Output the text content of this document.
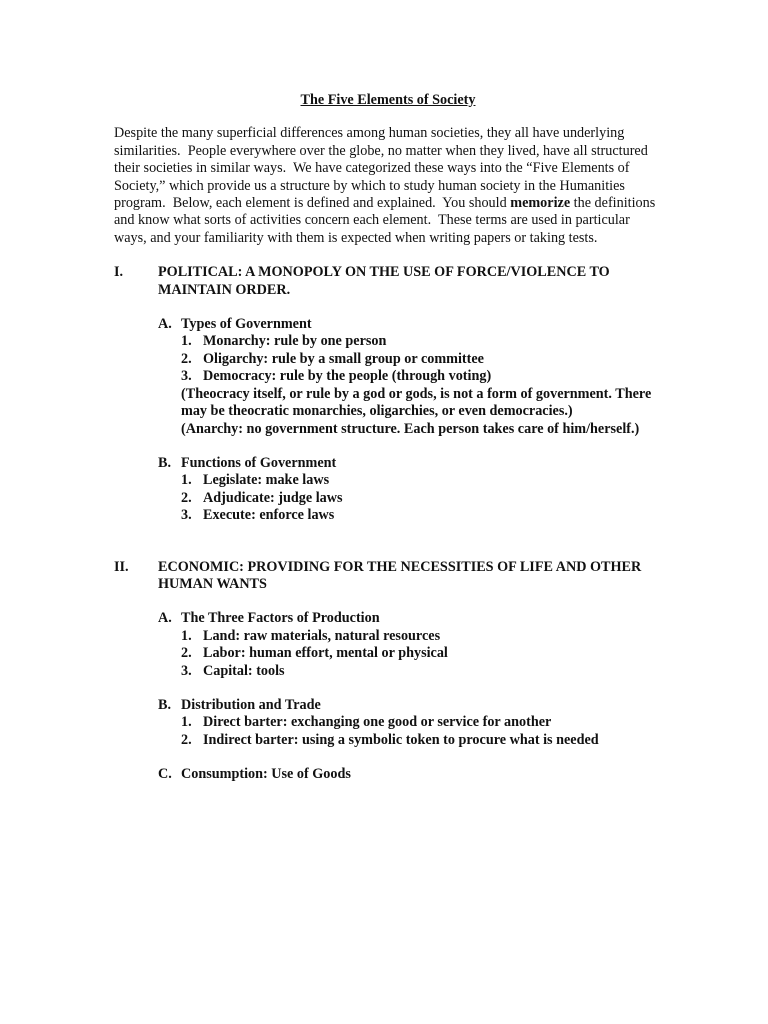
The Five Elements of Society

Despite the many superficial differences among human societies, they all have underlying similarities.  People everywhere over the globe, no matter when they lived, have all structured their societies in similar ways.  We have categorized these ways into the “Five Elements of Society,” which provide us a structure by which to study human society in the Humanities program.  Below, each element is defined and explained.  You should memorize the definitions and know what sorts of activities concern each element.  These terms are used in particular ways, and your familiarity with them is expected when writing papers or taking tests.

I. POLITICAL: A MONOPOLY ON THE USE OF FORCE/VIOLENCE TO MAINTAIN ORDER.
A. Types of Government
1. Monarchy: rule by one person
2. Oligarchy: rule by a small group or committee
3. Democracy: rule by the people (through voting)
(Theocracy itself, or rule by a god or gods, is not a form of government. There may be theocratic monarchies, oligarchies, or even democracies.)
(Anarchy: no government structure. Each person takes care of him/herself.)
B. Functions of Government
1. Legislate: make laws
2. Adjudicate: judge laws
3. Execute: enforce laws
II. ECONOMIC: PROVIDING FOR THE NECESSITIES OF LIFE AND OTHER HUMAN WANTS
A. The Three Factors of Production
1. Land: raw materials, natural resources
2. Labor: human effort, mental or physical
3. Capital: tools
B. Distribution and Trade
1. Direct barter: exchanging one good or service for another
2. Indirect barter: using a symbolic token to procure what is needed
C. Consumption: Use of Goods
